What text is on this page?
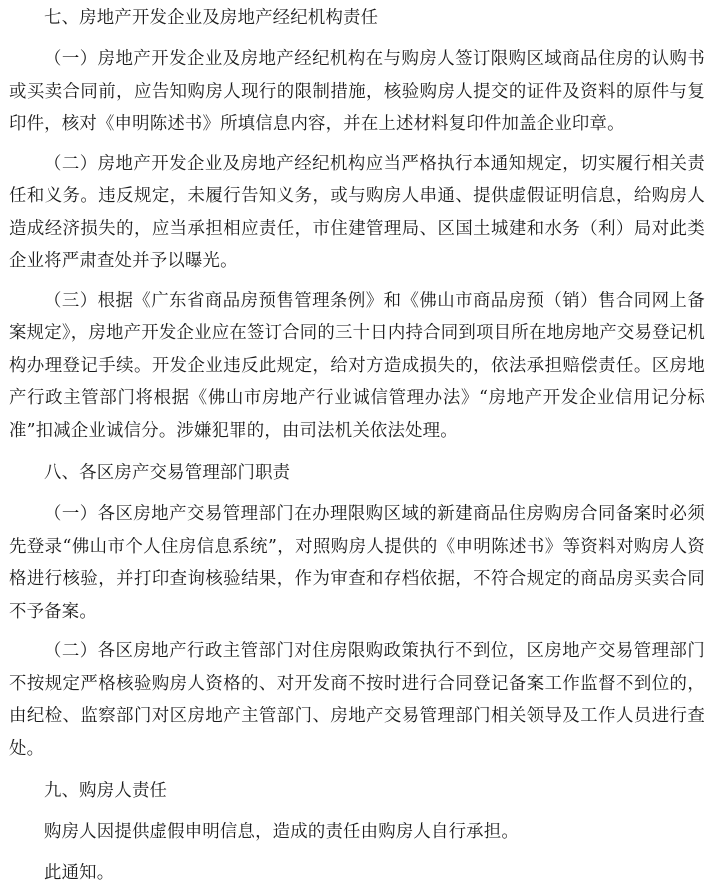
七、房地产开发企业及房地产经纪机构责任

（一）房地产开发企业及房地产经纪机构在与购房人签订限购区域商品住房的认购书或买卖合同前，应告知购房人现行的限制措施，核验购房人提交的证件及资料的原件与复印件，核对《申明陈述书》所填信息内容，并在上述材料复印件加盖企业印章。

（二）房地产开发企业及房地产经纪机构应当严格执行本通知规定，切实履行相关责任和义务。违反规定，未履行告知义务，或与购房人串通、提供虚假证明信息，给购房人造成经济损失的，应当承担相应责任，市住建管理局、区国土城建和水务（利）局对此类企业将严肃查处并予以曝光。

（三）根据《广东省商品房预售管理条例》和《佛山市商品房预（销）售合同网上备案规定》，房地产开发企业应在签订合同的三十日内持合同到项目所在地房地产交易登记机构办理登记手续。开发企业违反此规定，给对方造成损失的，依法承担赔偿责任。区房地产行政主管部门将根据《佛山市房地产行业诚信管理办法》“房地产开发企业信用记分标准”扣减企业诚信分。涉嫌犯罪的，由司法机关依法处理。

八、各区房产交易管理部门职责

（一）各区房地产交易管理部门在办理限购区域的新建商品住房购房合同备案时必须先登录“佛山市个人住房信息系统”，对照购房人提供的《申明陈述书》等资料对购房人资格进行核验，并打印查询核验结果，作为审查和存档依据，不符合规定的商品房买卖合同不予备案。

（二）各区房地产行政主管部门对住房限购政策执行不到位，区房地产交易管理部门不按规定严格核验购房人资格的、对开发商不按时进行合同登记备案工作监督不到位的，由纪检、监察部门对区房地产主管部门、房地产交易管理部门相关领导及工作人员进行查处。

九、购房人责任

购房人因提供虚假申明信息，造成的责任由购房人自行承担。

此通知。
